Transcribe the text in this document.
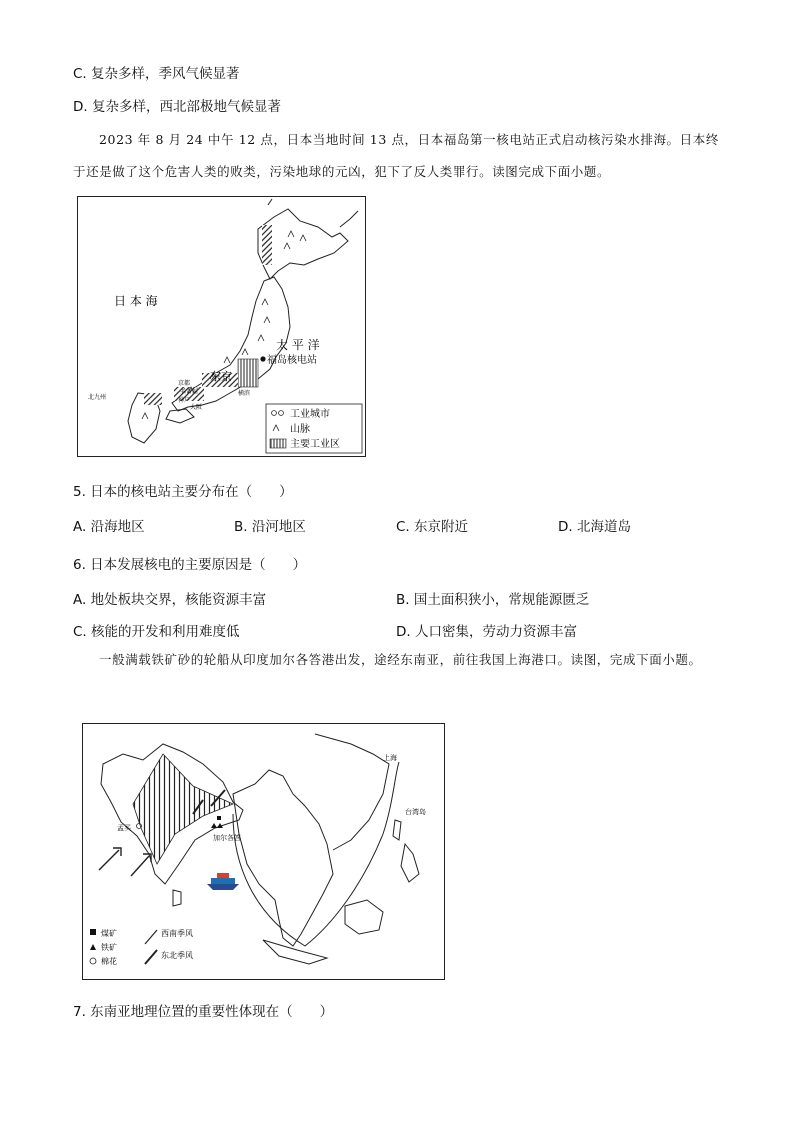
C. 复杂多样，季风气候显著
D. 复杂多样，西北部极地气候显著
2023 年 8 月 24 中午 12 点，日本当地时间 13 点，日本福岛第一核电站正式启动核污染水排海。日本终于还是做了这个危害人类的败类，污染地球的元凶，犯下了反人类罪行。读图完成下面小题。
日 本 海
太 平 洋
福岛核电站
东京
京都
名古屋
神户
大阪
北九州
横滨
工业城市
山脉
主要工业区
5. 日本的核电站主要分布在（　　）
A. 沿海地区	B. 沿河地区	C. 东京附近	D. 北海道岛
6. 日本发展核电的主要原因是（　　）
A. 地处板块交界，核能资源丰富	B. 国土面积狭小，常规能源匮乏
C. 核能的开发和利用难度低	D. 人口密集，劳动力资源丰富
一般满载铁矿砂的轮船从印度加尔各答港出发，途经东南亚，前往我国上海港口。读图，完成下面小题。
上海
孟买
加尔各答
台湾岛
煤矿
铁矿
棉花
西南季风
东北季风
7. 东南亚地理位置的重要性体现在（　　）
